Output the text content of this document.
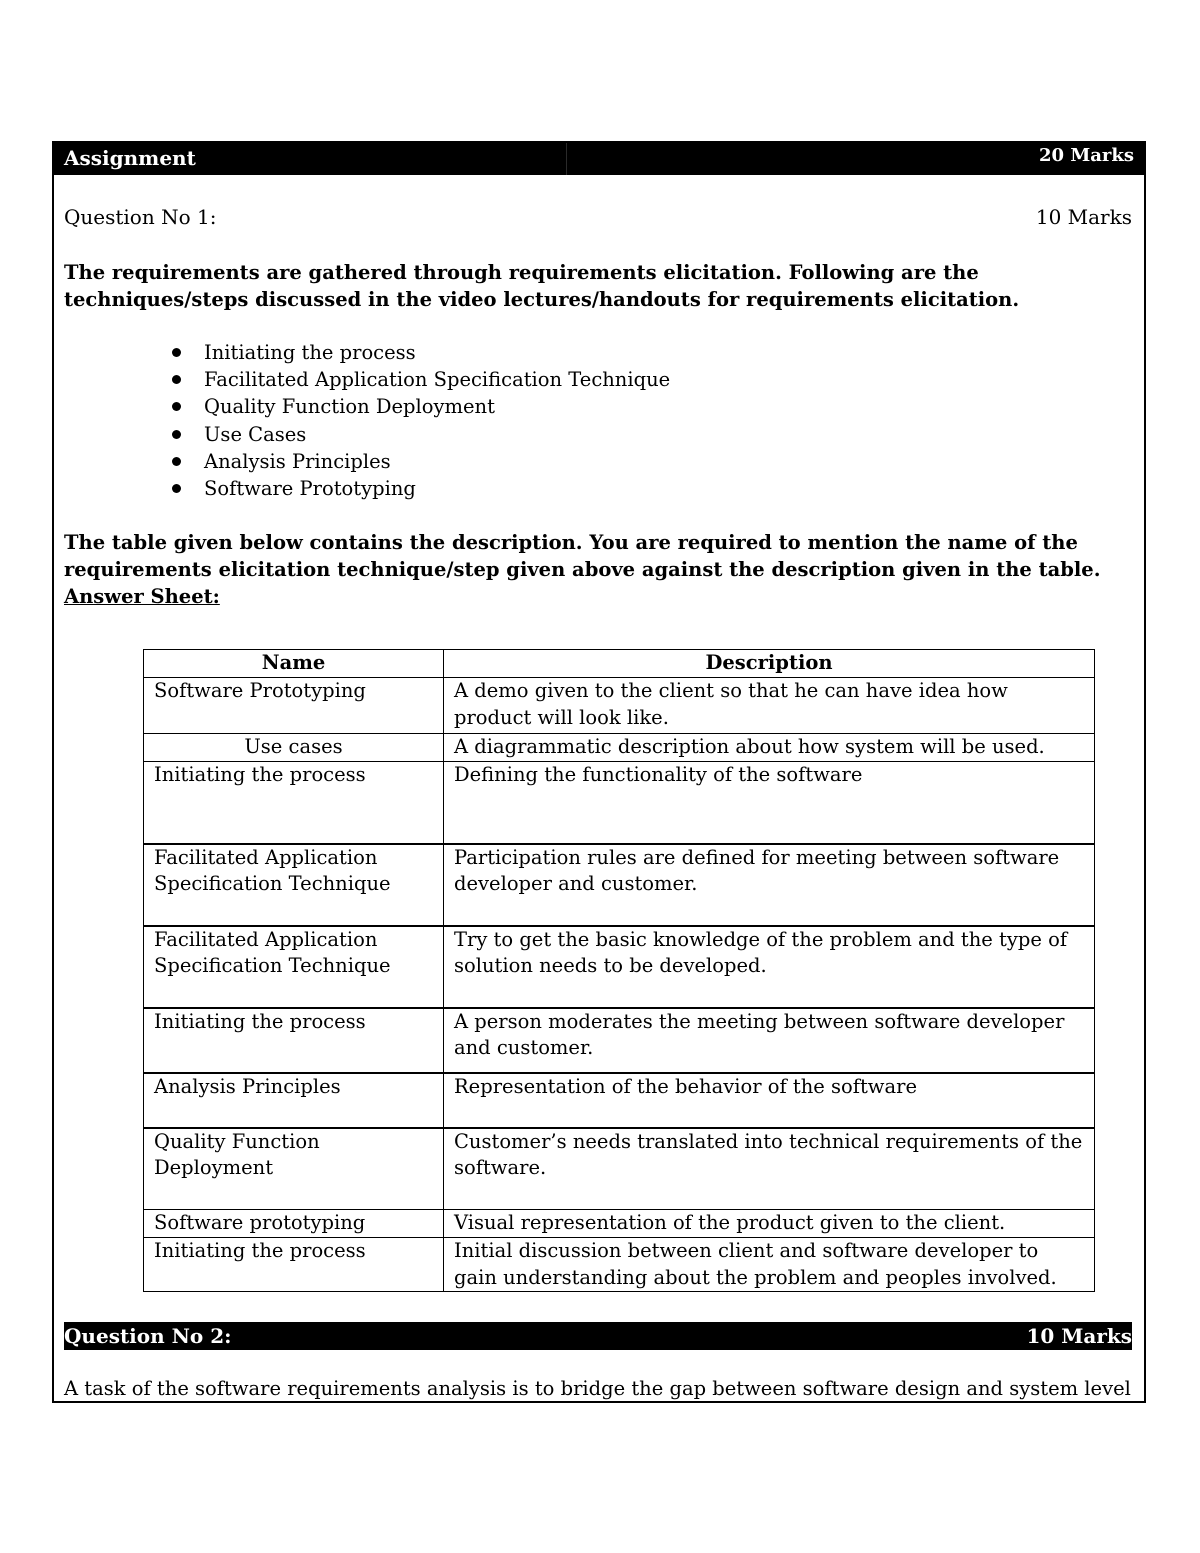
Assignment	20 Marks
Question No 1:	10 Marks
The requirements are gathered through requirements elicitation. Following are the techniques/steps discussed in the video lectures/handouts for requirements elicitation.
Initiating the process
Facilitated Application Specification Technique
Quality Function Deployment
Use Cases
Analysis Principles
Software Prototyping
The table given below contains the description. You are required to mention the name of the requirements elicitation technique/step given above against the description given in the table.
Answer Sheet:
Name	Description
Software Prototyping	A demo given to the client so that he can have idea how product will look like.
Use cases	A diagrammatic description about how system will be used.
Initiating the process	Defining the functionality of the software
Facilitated Application Specification Technique	Participation rules are defined for meeting between software developer and customer.
Facilitated Application Specification Technique	Try to get the basic knowledge of the problem and the type of solution needs to be developed.
Initiating the process	A person moderates the meeting between software developer and customer.
Analysis Principles	Representation of the behavior of the software
Quality Function Deployment	Customer’s needs translated into technical requirements of the software.
Software prototyping	Visual representation of the product given to the client.
Initiating the process	Initial discussion between client and software developer to gain understanding about the problem and peoples involved.
Question No 2:	10 Marks
A task of the software requirements analysis is to bridge the gap between software design and system level
